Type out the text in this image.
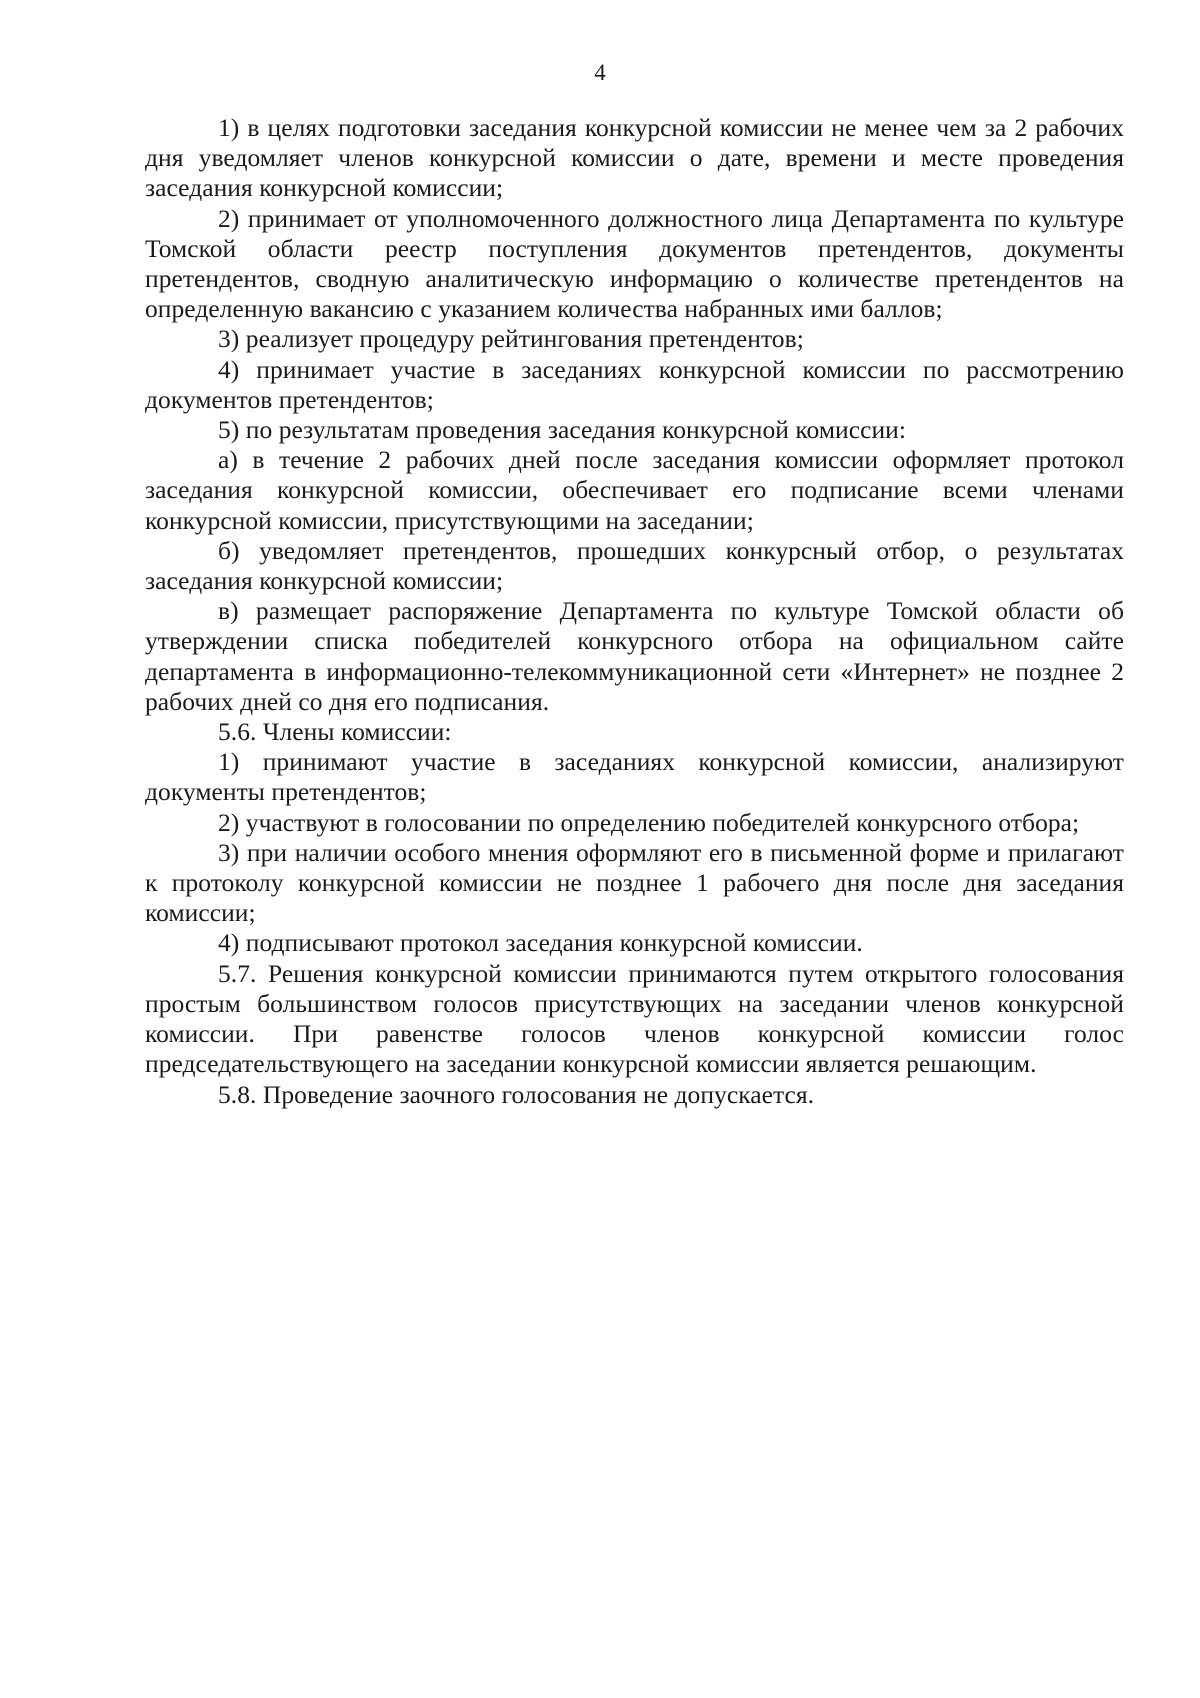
4

1) в целях подготовки заседания конкурсной комиссии не менее чем за 2 рабочих дня уведомляет членов конкурсной комиссии о дате, времени и месте проведения заседания конкурсной комиссии;

2) принимает от уполномоченного должностного лица Департамента по культуре Томской области реестр поступления документов претендентов, документы претендентов, сводную аналитическую информацию о количестве претендентов на определенную вакансию с указанием количества набранных ими баллов;

3) реализует процедуру рейтингования претендентов;

4) принимает участие в заседаниях конкурсной комиссии по рассмотрению документов претендентов;

5) по результатам проведения заседания конкурсной комиссии:

а) в течение 2 рабочих дней после заседания комиссии оформляет протокол заседания конкурсной комиссии, обеспечивает его подписание всеми членами конкурсной комиссии, присутствующими на заседании;

б) уведомляет претендентов, прошедших конкурсный отбор, о результатах заседания конкурсной комиссии;

в) размещает распоряжение Департамента по культуре Томской области об утверждении списка победителей конкурсного отбора на официальном сайте департамента в информационно-телекоммуникационной сети «Интернет» не позднее 2 рабочих дней со дня его подписания.

5.6. Члены комиссии:

1) принимают участие в заседаниях конкурсной комиссии, анализируют документы претендентов;

2) участвуют в голосовании по определению победителей конкурсного отбора;

3) при наличии особого мнения оформляют его в письменной форме и прилагают к протоколу конкурсной комиссии не позднее 1 рабочего дня после дня заседания комиссии;

4) подписывают протокол заседания конкурсной комиссии.

5.7. Решения конкурсной комиссии принимаются путем открытого голосования простым большинством голосов присутствующих на заседании членов конкурсной комиссии. При равенстве голосов членов конкурсной комиссии голос председательствующего на заседании конкурсной комиссии является решающим.

5.8. Проведение заочного голосования не допускается.
